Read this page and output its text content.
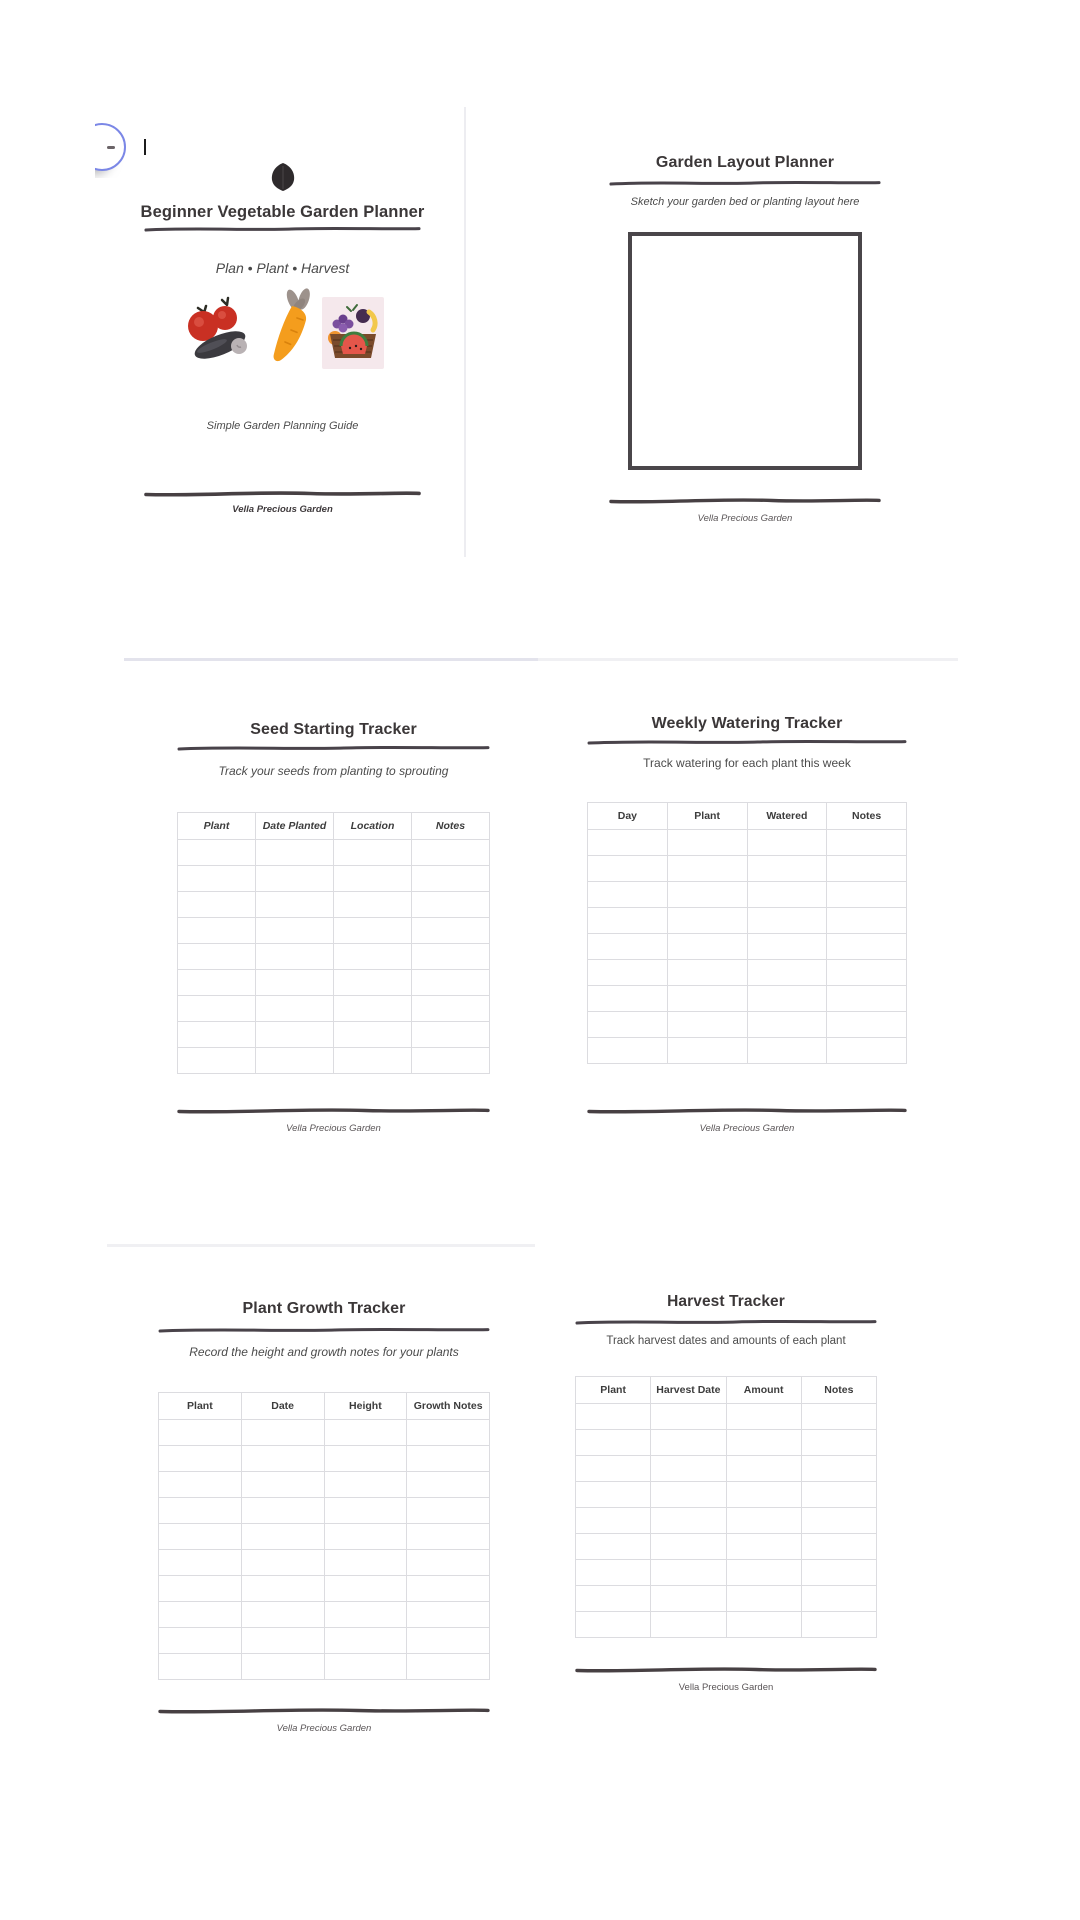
Beginner Vegetable Garden Planner
Plan • Plant • Harvest
Simple Garden Planning Guide
Vella Precious Garden
Garden Layout Planner
Sketch your garden bed or planting layout here
Vella Precious Garden
Seed Starting Tracker
Track your seeds from planting to sprouting
Plant	Date Planted	Location	Notes

Vella Precious Garden
Weekly Watering Tracker
Track watering for each plant this week
Day	Plant	Watered	Notes

Vella Precious Garden
Plant Growth Tracker
Record the height and growth notes for your plants
Plant	Date	Height	Growth Notes

Vella Precious Garden
Harvest Tracker
Track harvest dates and amounts of each plant
Plant	Harvest Date	Amount	Notes

Vella Precious Garden
